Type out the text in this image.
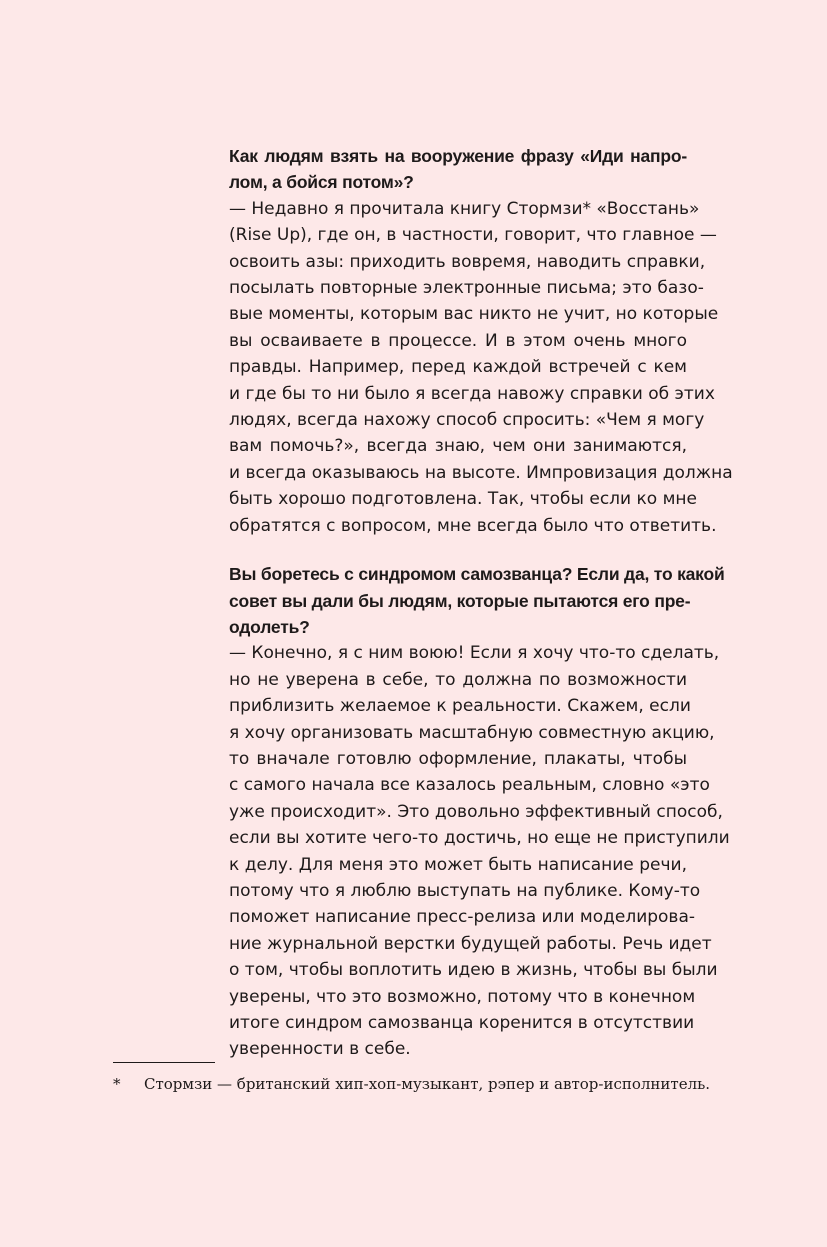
Как людям взять на вооружение фразу «Иди напро-
лом, а бойся потом»?
— Недавно я прочитала книгу Стормзи* «Восстань»
(Rise Up), где он, в частности, говорит, что главное —
освоить азы: приходить вовремя, наводить справки,
посылать повторные электронные письма; это базо-
вые моменты, которым вас никто не учит, но которые
вы осваиваете в процессе. И в этом очень много
правды. Например, перед каждой встречей с кем
и где бы то ни было я всегда навожу справки об этих
людях, всегда нахожу способ спросить: «Чем я могу
вам помочь?», всегда знаю, чем они занимаются,
и всегда оказываюсь на высоте. Импровизация должна
быть хорошо подготовлена. Так, чтобы если ко мне
обратятся с вопросом, мне всегда было что ответить.
Вы боретесь с синдромом самозванца? Если да, то какой
совет вы дали бы людям, которые пытаются его пре-
одолеть?
— Конечно, я с ним воюю! Если я хочу что-то сделать,
но не уверена в себе, то должна по возможности
приблизить желаемое к реальности. Скажем, если
я хочу организовать масштабную совместную акцию,
то вначале готовлю оформление, плакаты, чтобы
с самого начала все казалось реальным, словно «это
уже происходит». Это довольно эффективный способ,
если вы хотите чего-то достичь, но еще не приступили
к делу. Для меня это может быть написание речи,
потому что я люблю выступать на публике. Кому-то
поможет написание пресс-релиза или моделирова-
ние журнальной верстки будущей работы. Речь идет
о том, чтобы воплотить идею в жизнь, чтобы вы были
уверены, что это возможно, потому что в конечном
итоге синдром самозванца коренится в отсутствии
уверенности в себе.
* Стормзи — британский хип-хоп-музыкант, рэпер и автор-исполнитель.
